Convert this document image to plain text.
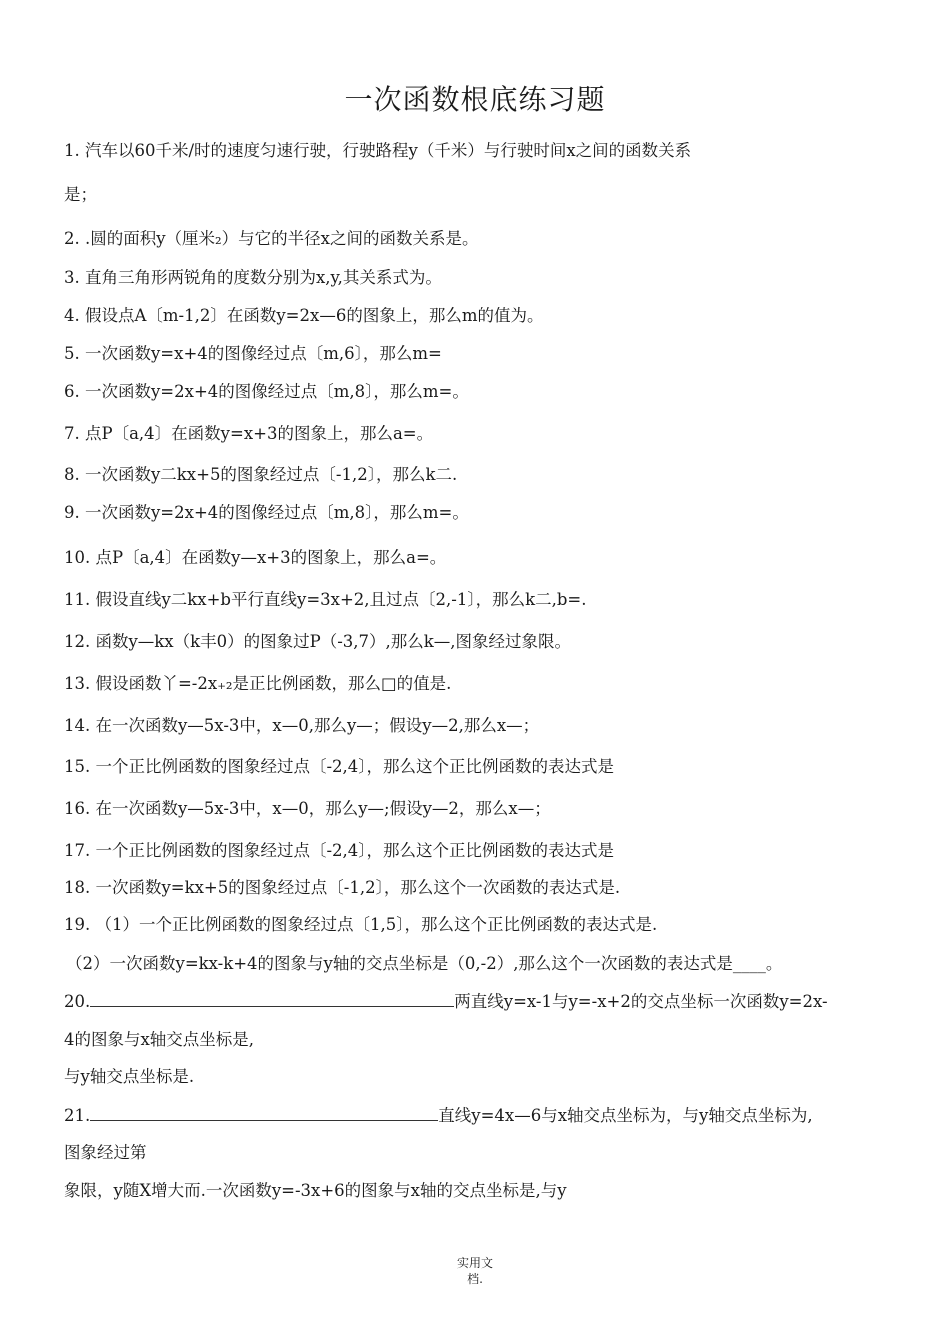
一次函数根底练习题
1. 汽车以60千米/时的速度匀速行驶，行驶路程y（千米）与行驶时间x之间的函数关系
是；
2. .圆的面积y（厘米₂）与它的半径x之间的函数关系是。
3. 直角三角形两锐角的度数分别为x,y,其关系式为。
4. 假设点A〔m-1,2〕在函数y=2x—6的图象上，那么m的值为。
5. 一次函数y=x+4的图像经过点〔m,6〕，那么m=
6. 一次函数y=2x+4的图像经过点〔m,8〕，那么m=。
7. 点P〔a,4〕在函数y=x+3的图象上，那么a=。
8. 一次函数y二kx+5的图象经过点〔-1,2〕，那么k二.
9. 一次函数y=2x+4的图像经过点〔m,8〕，那么m=。
10. 点P〔a,4〕在函数y—x+3的图象上，那么a=。
11. 假设直线y二kx+b平行直线y=3x+2,且过点〔2,-1〕，那么k二,b=.
12. 函数y—kx（k丰0）的图象过P（-3,7）,那么k—,图象经过象限。
13. 假设函数丫=-2x₊₂是正比例函数，那么□的值是.
14. 在一次函数y—5x-3中，x—0,那么y—；假设y—2,那么x—；
15. 一个正比例函数的图象经过点〔-2,4〕，那么这个正比例函数的表达式是
16. 在一次函数y—5x-3中，x—0，那么y—;假设y—2，那么x—；
17. 一个正比例函数的图象经过点〔-2,4〕，那么这个正比例函数的表达式是
18. 一次函数y=kx+5的图象经过点〔-1,2〕，那么这个一次函数的表达式是.
19. （1）一个正比例函数的图象经过点〔1,5〕，那么这个正比例函数的表达式是.
（2）一次函数y=kx-k+4的图象与y轴的交点坐标是（0,-2）,那么这个一次函数的表达式是____。
20.	两直线y=x-1与y=-x+2的交点坐标一次函数y=2x-
4的图象与x轴交点坐标是,
与y轴交点坐标是.
21.	直线y=4x—6与x轴交点坐标为，与y轴交点坐标为,
图象经过第
象限，y随X增大而.一次函数y=-3x+6的图象与x轴的交点坐标是,与y
实用文
档.
